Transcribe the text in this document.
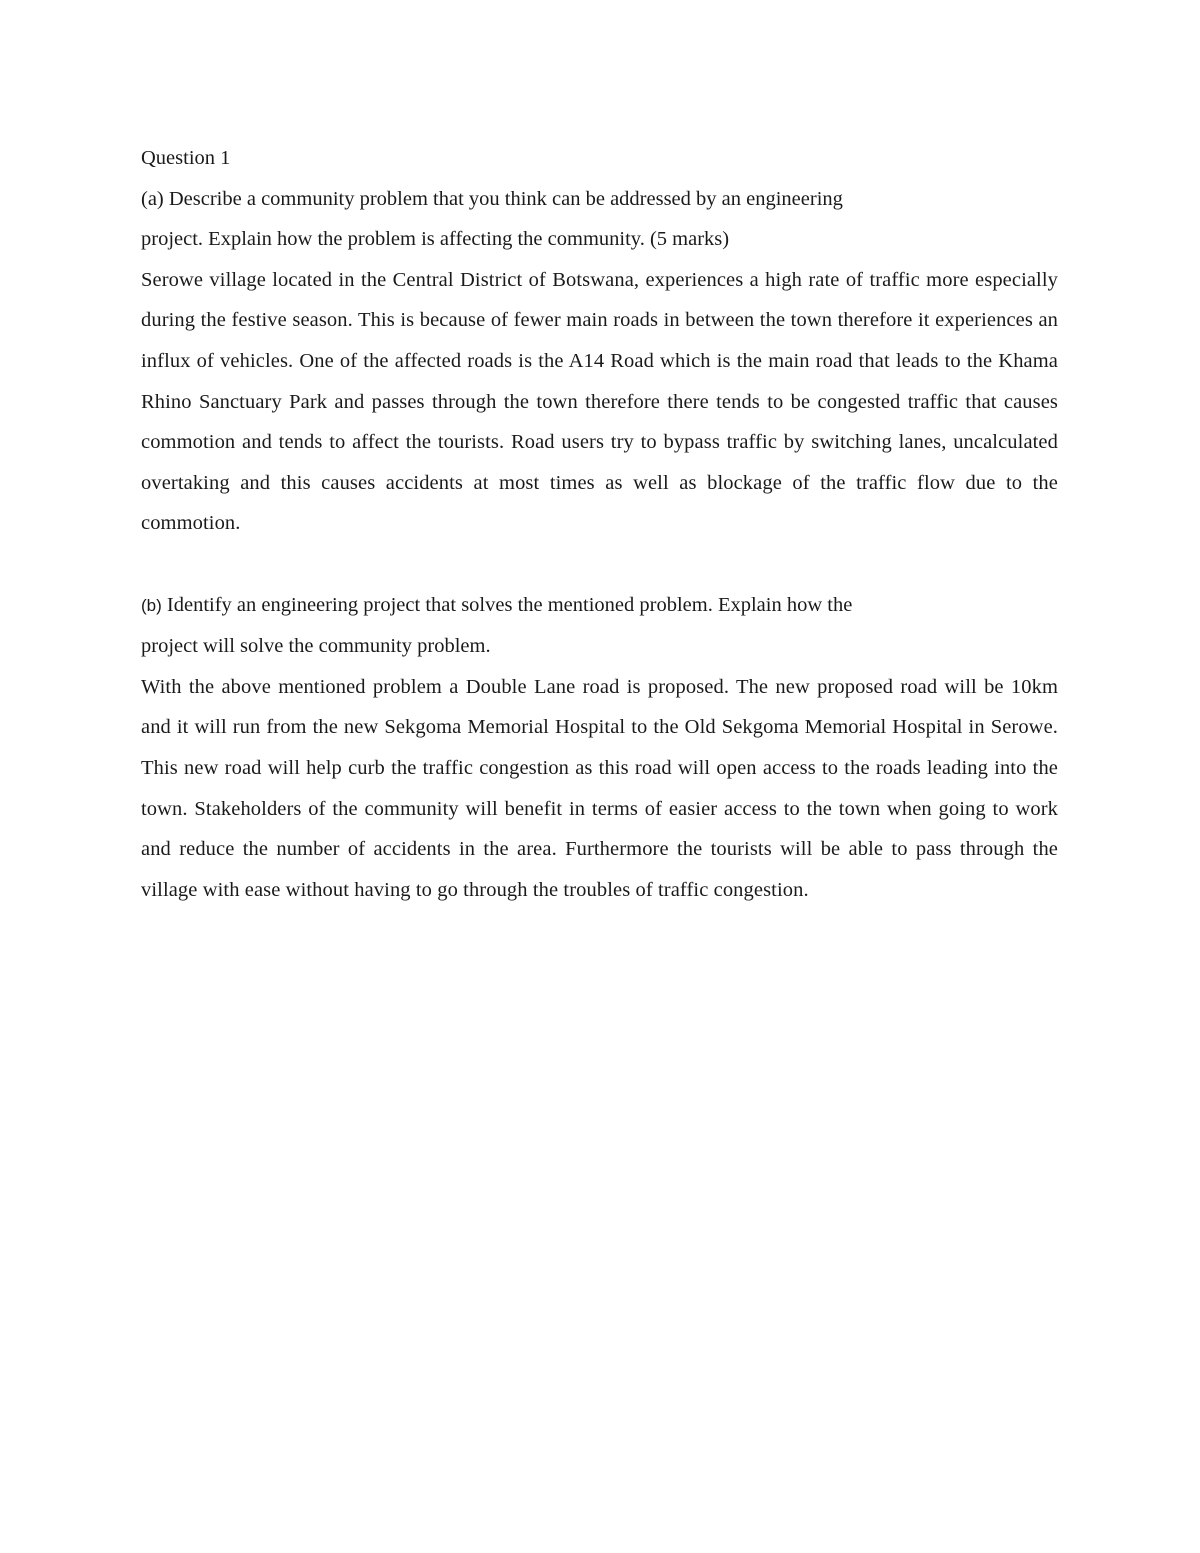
Question 1

(a) Describe a community problem that you think can be addressed by an engineering

project. Explain how the problem is affecting the community. (5 marks)

Serowe village located in the Central District of Botswana, experiences a high rate of traffic more especially during the festive season. This is because of fewer main roads in between the town therefore it experiences an influx of vehicles. One of the affected roads is the A14 Road which is the main road that leads to the Khama Rhino Sanctuary Park and passes through the town therefore there tends to be congested traffic that causes commotion and tends to affect the tourists. Road users try to bypass traffic by switching lanes, uncalculated overtaking and this causes accidents at most times as well as blockage of the traffic flow due to the commotion.

(b) Identify an engineering project that solves the mentioned problem. Explain how the

project will solve the community problem.

With the above mentioned problem a Double Lane road is proposed. The new proposed road will be 10km and it will run from the new Sekgoma Memorial Hospital to the Old Sekgoma Memorial Hospital in Serowe. This new road will help curb the traffic congestion as this road will open access to the roads leading into the town. Stakeholders of the community will benefit in terms of easier access to the town when going to work and reduce the number of accidents in the area. Furthermore the tourists will be able to pass through the village with ease without having to go through the troubles of traffic congestion.
